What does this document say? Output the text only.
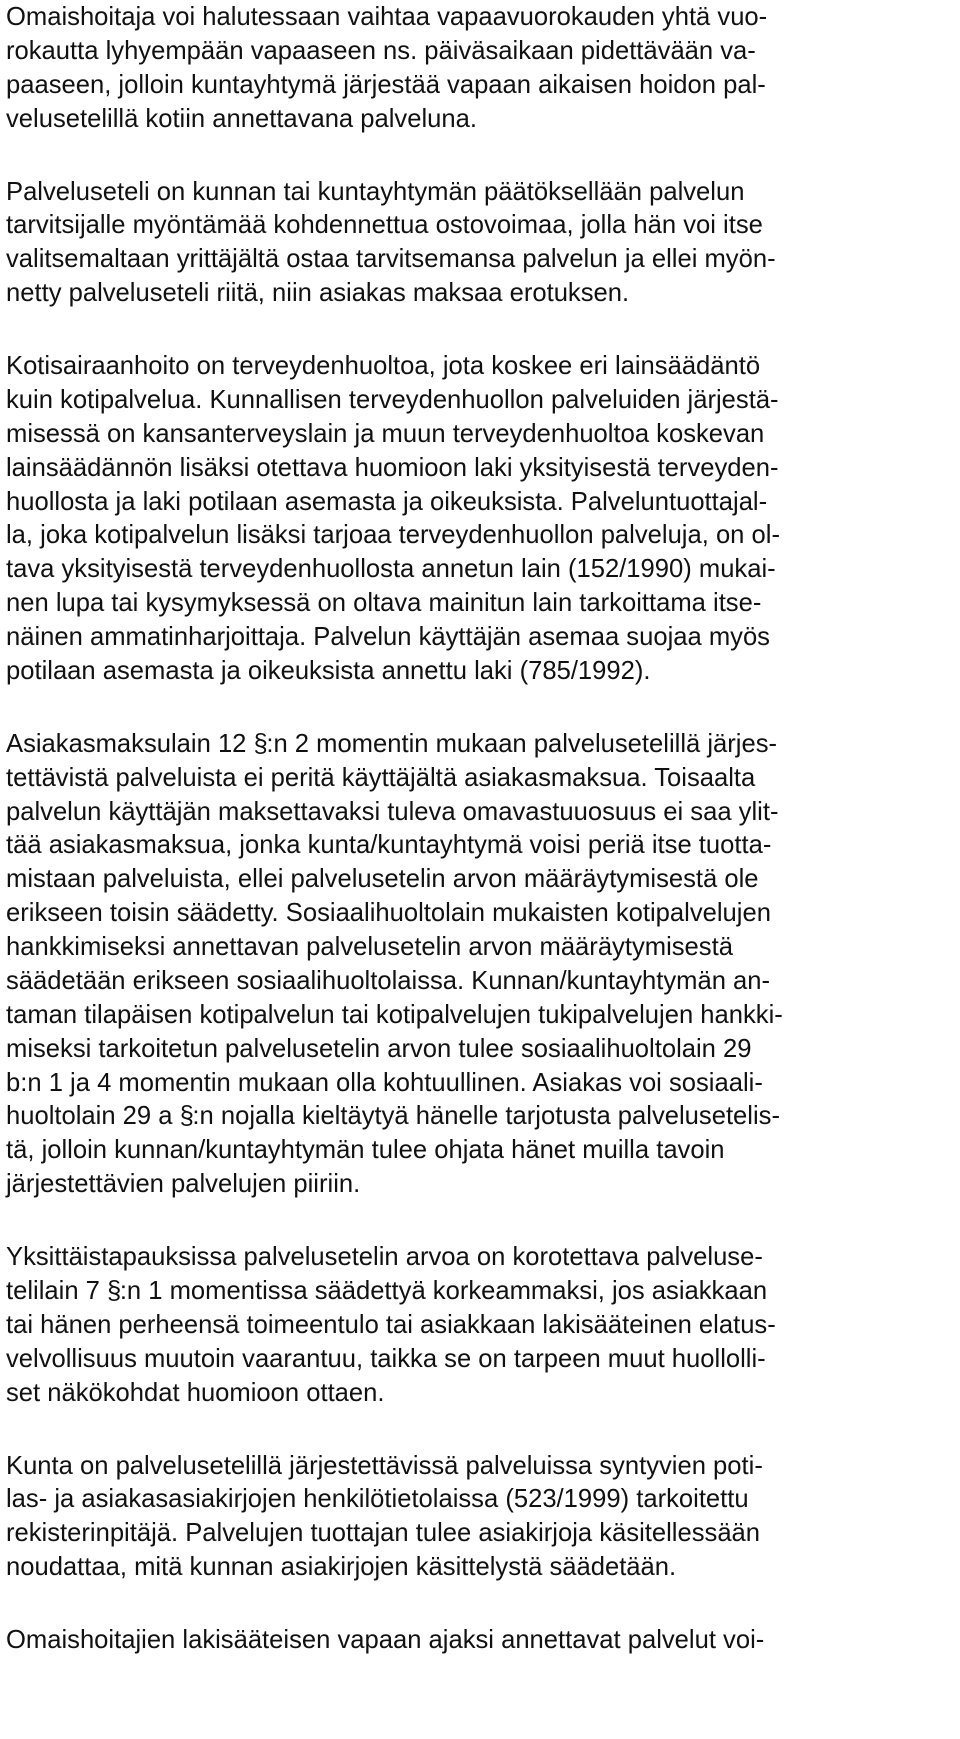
Omaishoitaja voi halutessaan vaihtaa vapaavuorokauden yhtä vuo-
rokautta lyhyempään vapaaseen ns. päiväsaikaan pidettävään va-
paaseen, jolloin kuntayhtymä järjestää vapaan aikaisen hoidon pal-
velusetelillä kotiin annettavana palveluna.
Palveluseteli on kunnan tai kuntayhtymän päätöksellään palvelun
tarvitsijalle myöntämää kohdennettua ostovoimaa, jolla hän voi itse
valitsemaltaan yrittäjältä ostaa tarvitsemansa palvelun ja ellei myön-
netty palveluseteli riitä, niin asiakas maksaa erotuksen.
Kotisairaanhoito on terveydenhuoltoa, jota koskee eri lainsäädäntö
kuin kotipalvelua. Kunnallisen terveydenhuollon palveluiden järjestä-
misessä on kansanterveyslain ja muun terveydenhuoltoa koskevan
lainsäädännön lisäksi otettava huomioon laki yksityisestä terveyden-
huollosta ja laki potilaan asemasta ja oikeuksista. Palveluntuottajal-
la, joka kotipalvelun lisäksi tarjoaa terveydenhuollon palveluja, on ol-
tava yksityisestä terveydenhuollosta annetun lain (152/1990) mukai-
nen lupa tai kysymyksessä on oltava mainitun lain tarkoittama itse-
näinen ammatinharjoittaja. Palvelun käyttäjän asemaa suojaa myös
potilaan asemasta ja oikeuksista annettu laki (785/1992).
Asiakasmaksulain 12 §:n 2 momentin mukaan palvelusetelillä järjes-
tettävistä palveluista ei peritä käyttäjältä asiakasmaksua. Toisaalta
palvelun käyttäjän maksettavaksi tuleva omavastuuosuus ei saa ylit-
tää asiakasmaksua, jonka kunta/kuntayhtymä voisi periä itse tuotta-
mistaan palveluista, ellei palvelusetelin arvon määräytymisestä ole
erikseen toisin säädetty. Sosiaalihuoltolain mukaisten kotipalvelujen
hankkimiseksi annettavan palvelusetelin arvon määräytymisestä
säädetään erikseen sosiaalihuoltolaissa. Kunnan/kuntayhtymän an-
taman tilapäisen kotipalvelun tai kotipalvelujen tukipalvelujen hankki-
miseksi tarkoitetun palvelusetelin arvon tulee sosiaalihuoltolain 29
b:n 1 ja 4 momentin mukaan olla kohtuullinen. Asiakas voi sosiaali-
huoltolain 29 a §:n nojalla kieltäytyä hänelle tarjotusta palvelusetelis-
tä, jolloin kunnan/kuntayhtymän tulee ohjata hänet muilla tavoin
järjestettävien palvelujen piiriin.
Yksittäistapauksissa palvelusetelin arvoa on korotettava palveluse-
telilain 7 §:n 1 momentissa säädettyä korkeammaksi, jos asiakkaan
tai hänen perheensä toimeentulo tai asiakkaan lakisääteinen elatus-
velvollisuus muutoin vaarantuu, taikka se on tarpeen muut huollolli-
set näkökohdat huomioon ottaen.
Kunta on palvelusetelillä järjestettävissä palveluissa syntyvien poti-
las- ja asiakasasiakirjojen henkilötietolaissa (523/1999) tarkoitettu
rekisterinpitäjä. Palvelujen tuottajan tulee asiakirjoja käsitellessään
noudattaa, mitä kunnan asiakirjojen käsittelystä säädetään.
Omaishoitajien lakisääteisen vapaan ajaksi annettavat palvelut voi-
